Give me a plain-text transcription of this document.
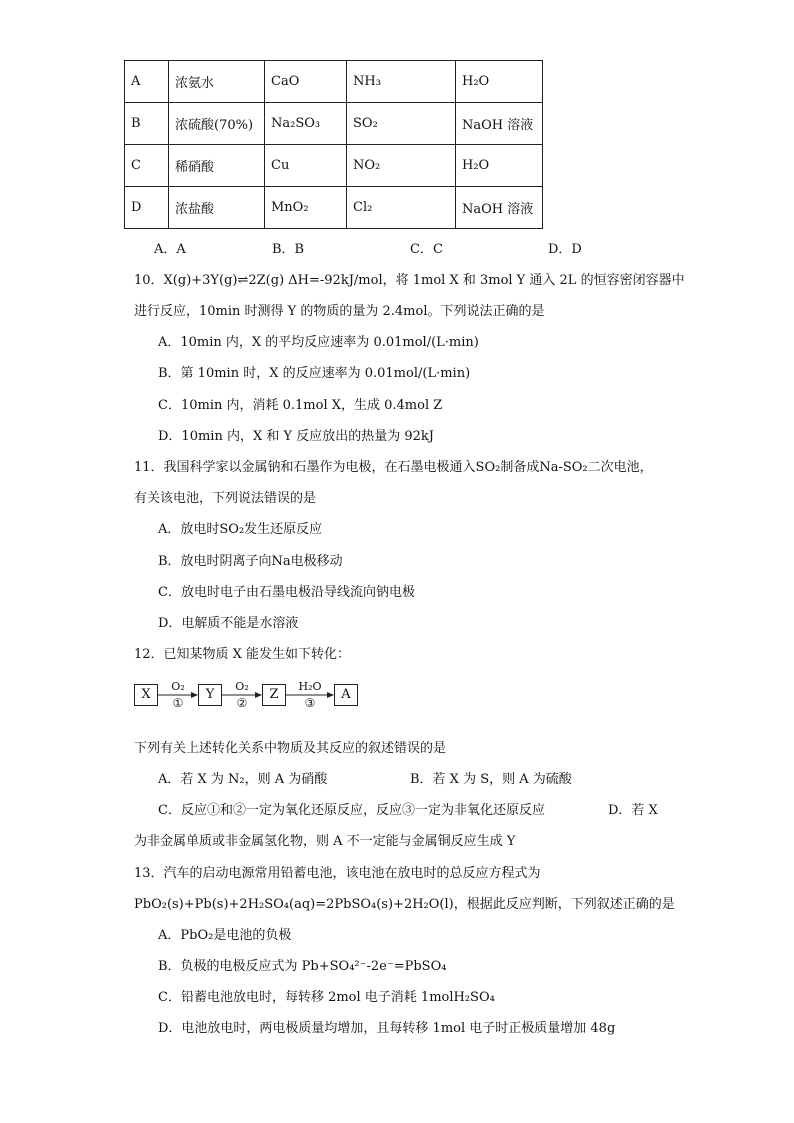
A	浓氨水	CaO	NH₃	H₂O
B	浓硫酸(70%)	Na₂SO₃	SO₂	NaOH 溶液
C	稀硝酸	Cu	NO₂	H₂O
D	浓盐酸	MnO₂	Cl₂	NaOH 溶液
A．A	B．B	C．C	D．D
10．X(g)+3Y(g)⇌2Z(g) ΔH=-92kJ/mol，将 1mol X 和 3mol Y 通入 2L 的恒容密闭容器中
进行反应，10min 时测得 Y 的物质的量为 2.4mol。下列说法正确的是
A．10min 内，X 的平均反应速率为 0.01mol/(L·min)
B．第 10min 时，X 的反应速率为 0.01mol/(L·min)
C．10min 内，消耗 0.1mol X，生成 0.4mol Z
D．10min 内，X 和 Y 反应放出的热量为 92kJ
11．我国科学家以金属钠和石墨作为电极，在石墨电极通入SO₂制备成Na-SO₂二次电池，
有关该电池，下列说法错误的是
A．放电时SO₂发生还原反应
B．放电时阴离子向Na电极移动
C．放电时电子由石墨电极沿导线流向钠电极
D．电解质不能是水溶液
12．已知某物质 X 能发生如下转化：
X	Y	Z	A
O₂	O₂	H₂O
①	②	③
下列有关上述转化关系中物质及其反应的叙述错误的是
A．若 X 为 N₂，则 A 为硝酸	B．若 X 为 S，则 A 为硫酸
C．反应①和②一定为氧化还原反应，反应③一定为非氧化还原反应	D．若 X
为非金属单质或非金属氢化物，则 A 不一定能与金属铜反应生成 Y
13．汽车的启动电源常用铅蓄电池，该电池在放电时的总反应方程式为
PbO₂(s)+Pb(s)+2H₂SO₄(aq)=2PbSO₄(s)+2H₂O(l)，根据此反应判断，下列叙述正确的是
A．PbO₂是电池的负极
B．负极的电极反应式为 Pb+SO₄²⁻-2e⁻=PbSO₄
C．铅蓄电池放电时，每转移 2mol 电子消耗 1molH₂SO₄
D．电池放电时，两电极质量均增加，且每转移 1mol 电子时正极质量增加 48g
